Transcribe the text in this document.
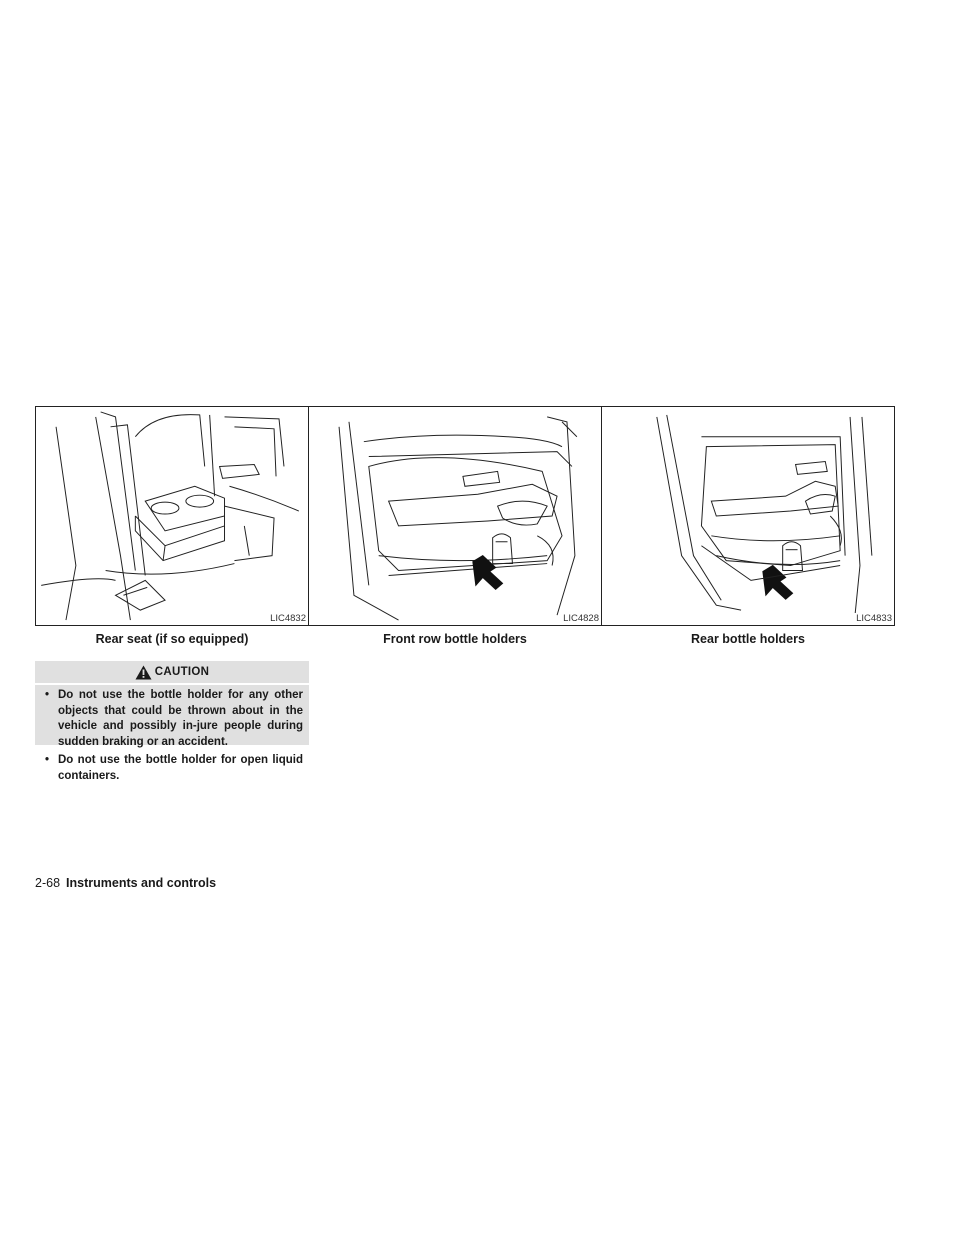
LIC4832
Rear seat (if so equipped)
LIC4828
Front row bottle holders
LIC4833
Rear bottle holders
CAUTION
• Do not use the bottle holder for any other objects that could be thrown about in the vehicle and possibly in-jure people during sudden braking or an accident.
• Do not use the bottle holder for open liquid containers.
2-68 Instruments and controls
